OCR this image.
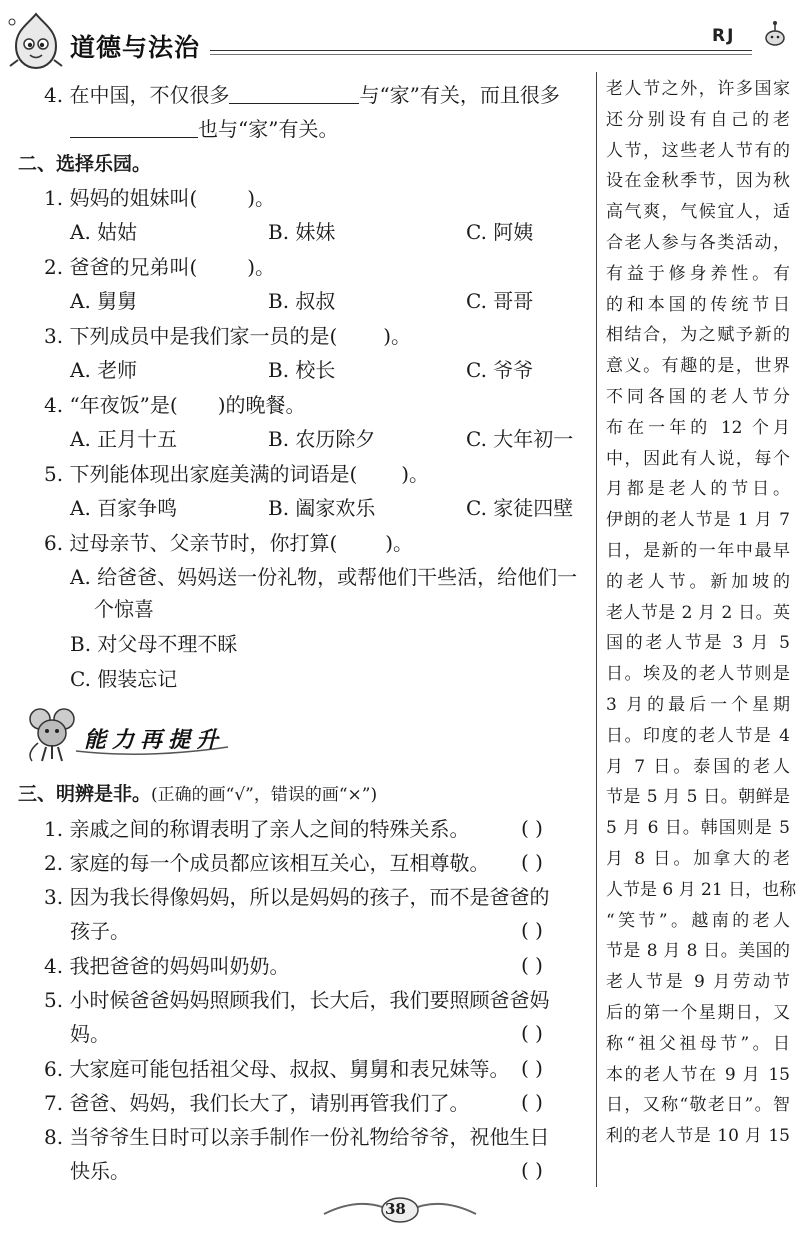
道德与法治	RJ
4. 在中国，不仅很多	与“家”有关，而且很多
也与“家”有关。
二、选择乐园。
1. 妈妈的姐妹叫(	)。
A. 姑姑	B. 妹妹	C. 阿姨
2. 爸爸的兄弟叫(	)。
A. 舅舅	B. 叔叔	C. 哥哥
3. 下列成员中是我们家一员的是( )。
A. 老师	B. 校长	C. 爷爷
4. “年夜饭”是( )的晚餐。
A. 正月十五	B. 农历除夕	C. 大年初一
5. 下列能体现出家庭美满的词语是( )。
A. 百家争鸣	B. 阖家欢乐	C. 家徒四壁
6. 过母亲节、父亲节时，你打算( )。
A. 给爸爸、妈妈送一份礼物，或帮他们干些活，给他们一
个惊喜
B. 对父母不理不睬
C. 假装忘记
能力再提升
三、明辨是非。(正确的画“√”，错误的画“×”)
1. 亲戚之间的称谓表明了亲人之间的特殊关系。	( )
2. 家庭的每一个成员都应该相互关心，互相尊敬。 ( )
3. 因为我长得像妈妈，所以是妈妈的孩子，而不是爸爸的
孩子。	( )
4. 我把爸爸的妈妈叫奶奶。	( )
5. 小时候爸爸妈妈照顾我们，长大后，我们要照顾爸爸妈
妈。	( )
6. 大家庭可能包括祖父母、叔叔、舅舅和表兄妹等。 ( )
7. 爸爸、妈妈，我们长大了，请别再管我们了。	( )
8. 当爷爷生日时可以亲手制作一份礼物给爷爷，祝他生日
快乐。	( )
老人节之外，许多国家
还分别设有自己的老
人节，这些老人节有的
设在金秋季节，因为秋
高气爽，气候宜人，适
合老人参与各类活动，
有益于修身养性。有
的和本国的传统节日
相结合，为之赋予新的
意义。有趣的是，世界
不同各国的老人节分
布在一年的 12 个月
中，因此有人说，每个
月都是老人的节日。
伊朗的老人节是 1 月 7
日，是新的一年中最早
的老人节。新加坡的
老人节是 2 月 2 日。英
国的老人节是 3 月 5
日。埃及的老人节则是
3 月的最后一个星期
日。印度的老人节是 4
月 7 日。泰国的老人
节是 5 月 5 日。朝鲜是
5 月 6 日。韩国则是 5
月 8 日。加拿大的老
人节是 6 月 21 日，也称
“笑节”。越南的老人
节是 8 月 8 日。美国的
老人节是 9 月劳动节
后的第一个星期日，又
称“祖父祖母节”。日
本的老人节在 9 月 15
日，又称“敬老日”。智
利的老人节是 10 月 15
38
